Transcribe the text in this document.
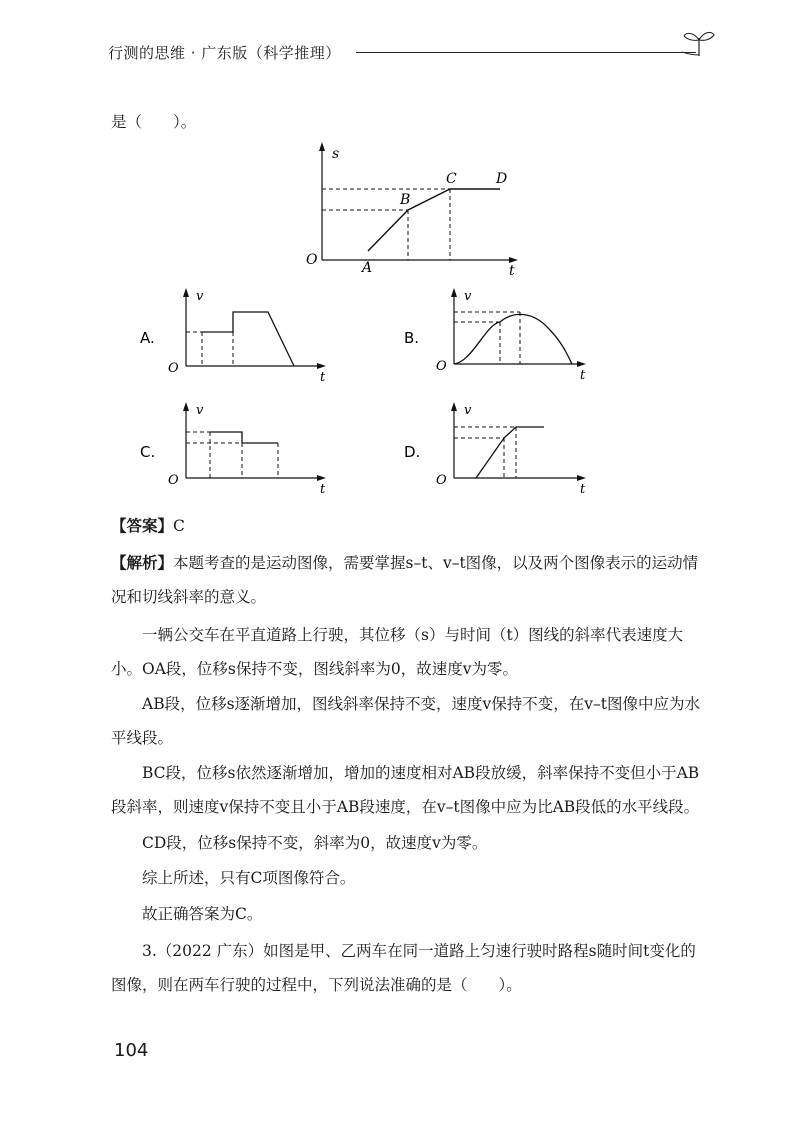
行测的思维 · 广东版（科学推理）
是（　　）。
s
t
O	A
B
C	D
A.
v
t
O
B.
v
t
O
C.
v
t
O
D.
v
t
O
【答案】C
【解析】本题考查的是运动图像，需要掌握s–t、v–t图像，以及两个图像表示的运动情况和切线斜率的意义。
一辆公交车在平直道路上行驶，其位移（s）与时间（t）图线的斜率代表速度大小。 OA段，位移s保持不变，图线斜率为0，故速度v为零。
AB段，位移s逐渐增加，图线斜率保持不变，速度v保持不变，在v–t图像中应为水平线段。
BC段，位移s依然逐渐增加，增加的速度相对AB段放缓，斜率保持不变但小于AB段斜率，则速度v保持不变且小于AB段速度，在v–t图像中应为比AB段低的水平线段。
CD段，位移s保持不变，斜率为0，故速度v为零。
综上所述，只有C项图像符合。
故正确答案为C。
3.（2022 广东）如图是甲、乙两车在同一道路上匀速行驶时路程s随时间t变化的图像，则在两车行驶的过程中，下列说法准确的是（　　）。
104
